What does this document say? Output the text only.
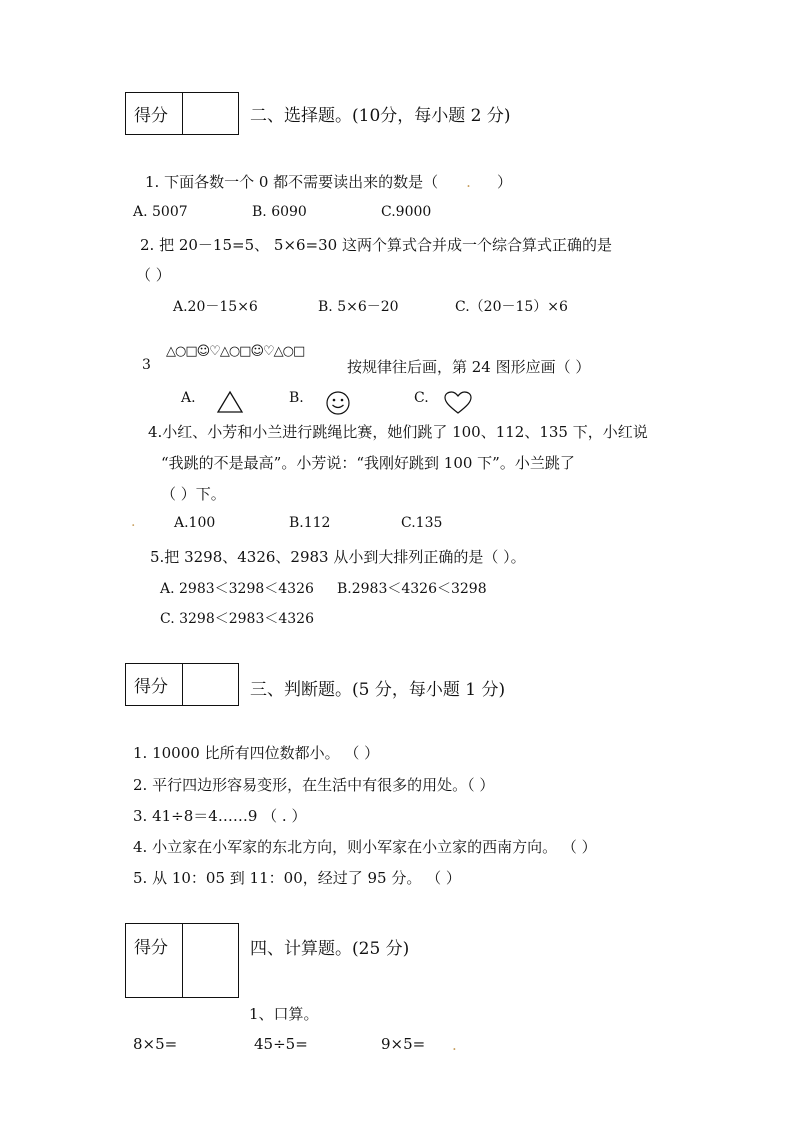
得分	二、选择题。(10分，每小题 2 分)
1. 下面各数一个 0 都不需要读出来的数是（ . ）
A. 5007	B. 6090	C.9000
2. 把 20－15=5、 5×6=30 这两个算式合并成一个综合算式正确的是
（ ）
A.20－15×6	B. 5×6－20	C.（20－15）×6
3
△○□☺♡△○□☺♡△○□
按规律往后画，第 24 图形应画（ ）
A.	B.	C.
4.小红、小芳和小兰进行跳绳比赛，她们跳了 100、112、135 下，小红说
“我跳的不是最高”。小芳说：“我刚好跳到 100 下”。小兰跳了
（ ）下。
.	A.100	B.112	C.135
5.把 3298、4326、2983 从小到大排列正确的是（ ）。
A. 2983＜3298＜4326 B.2983＜4326＜3298
C. 3298＜2983＜4326
得分	三、判断题。(5 分，每小题 1 分)
1. 10000 比所有四位数都小。 （ ）
2. 平行四边形容易变形，在生活中有很多的用处。（ ）
3. 41÷8＝4……9 （ . ）
4. 小立家在小军家的东北方向，则小军家在小立家的西南方向。 （ ）
5. 从 10：05 到 11：00，经过了 95 分。 （ ）
得分	四、计算题。(25 分)
1、口算。
8×5=	45÷5=	9×5= .
